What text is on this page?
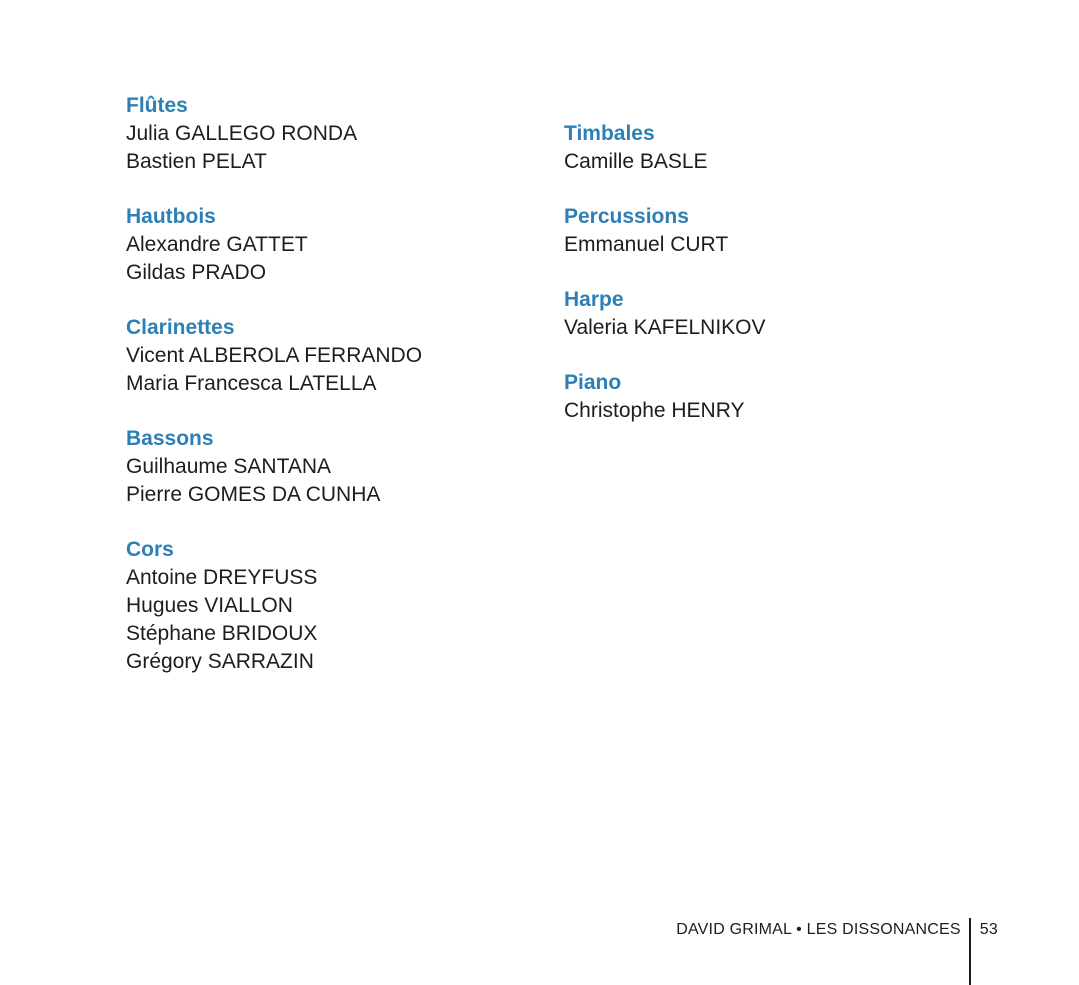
Flûtes
Julia GALLEGO RONDA
Bastien PELAT
Hautbois
Alexandre GATTET
Gildas PRADO
Clarinettes
Vicent ALBEROLA FERRANDO
Maria Francesca LATELLA
Bassons
Guilhaume SANTANA
Pierre GOMES DA CUNHA
Cors
Antoine DREYFUSS
Hugues VIALLON
Stéphane BRIDOUX
Grégory SARRAZIN
Timbales
Camille BASLE
Percussions
Emmanuel CURT
Harpe
Valeria KAFELNIKOV
Piano
Christophe HENRY
DAVID GRIMAL • LES DISSONANCES 53
